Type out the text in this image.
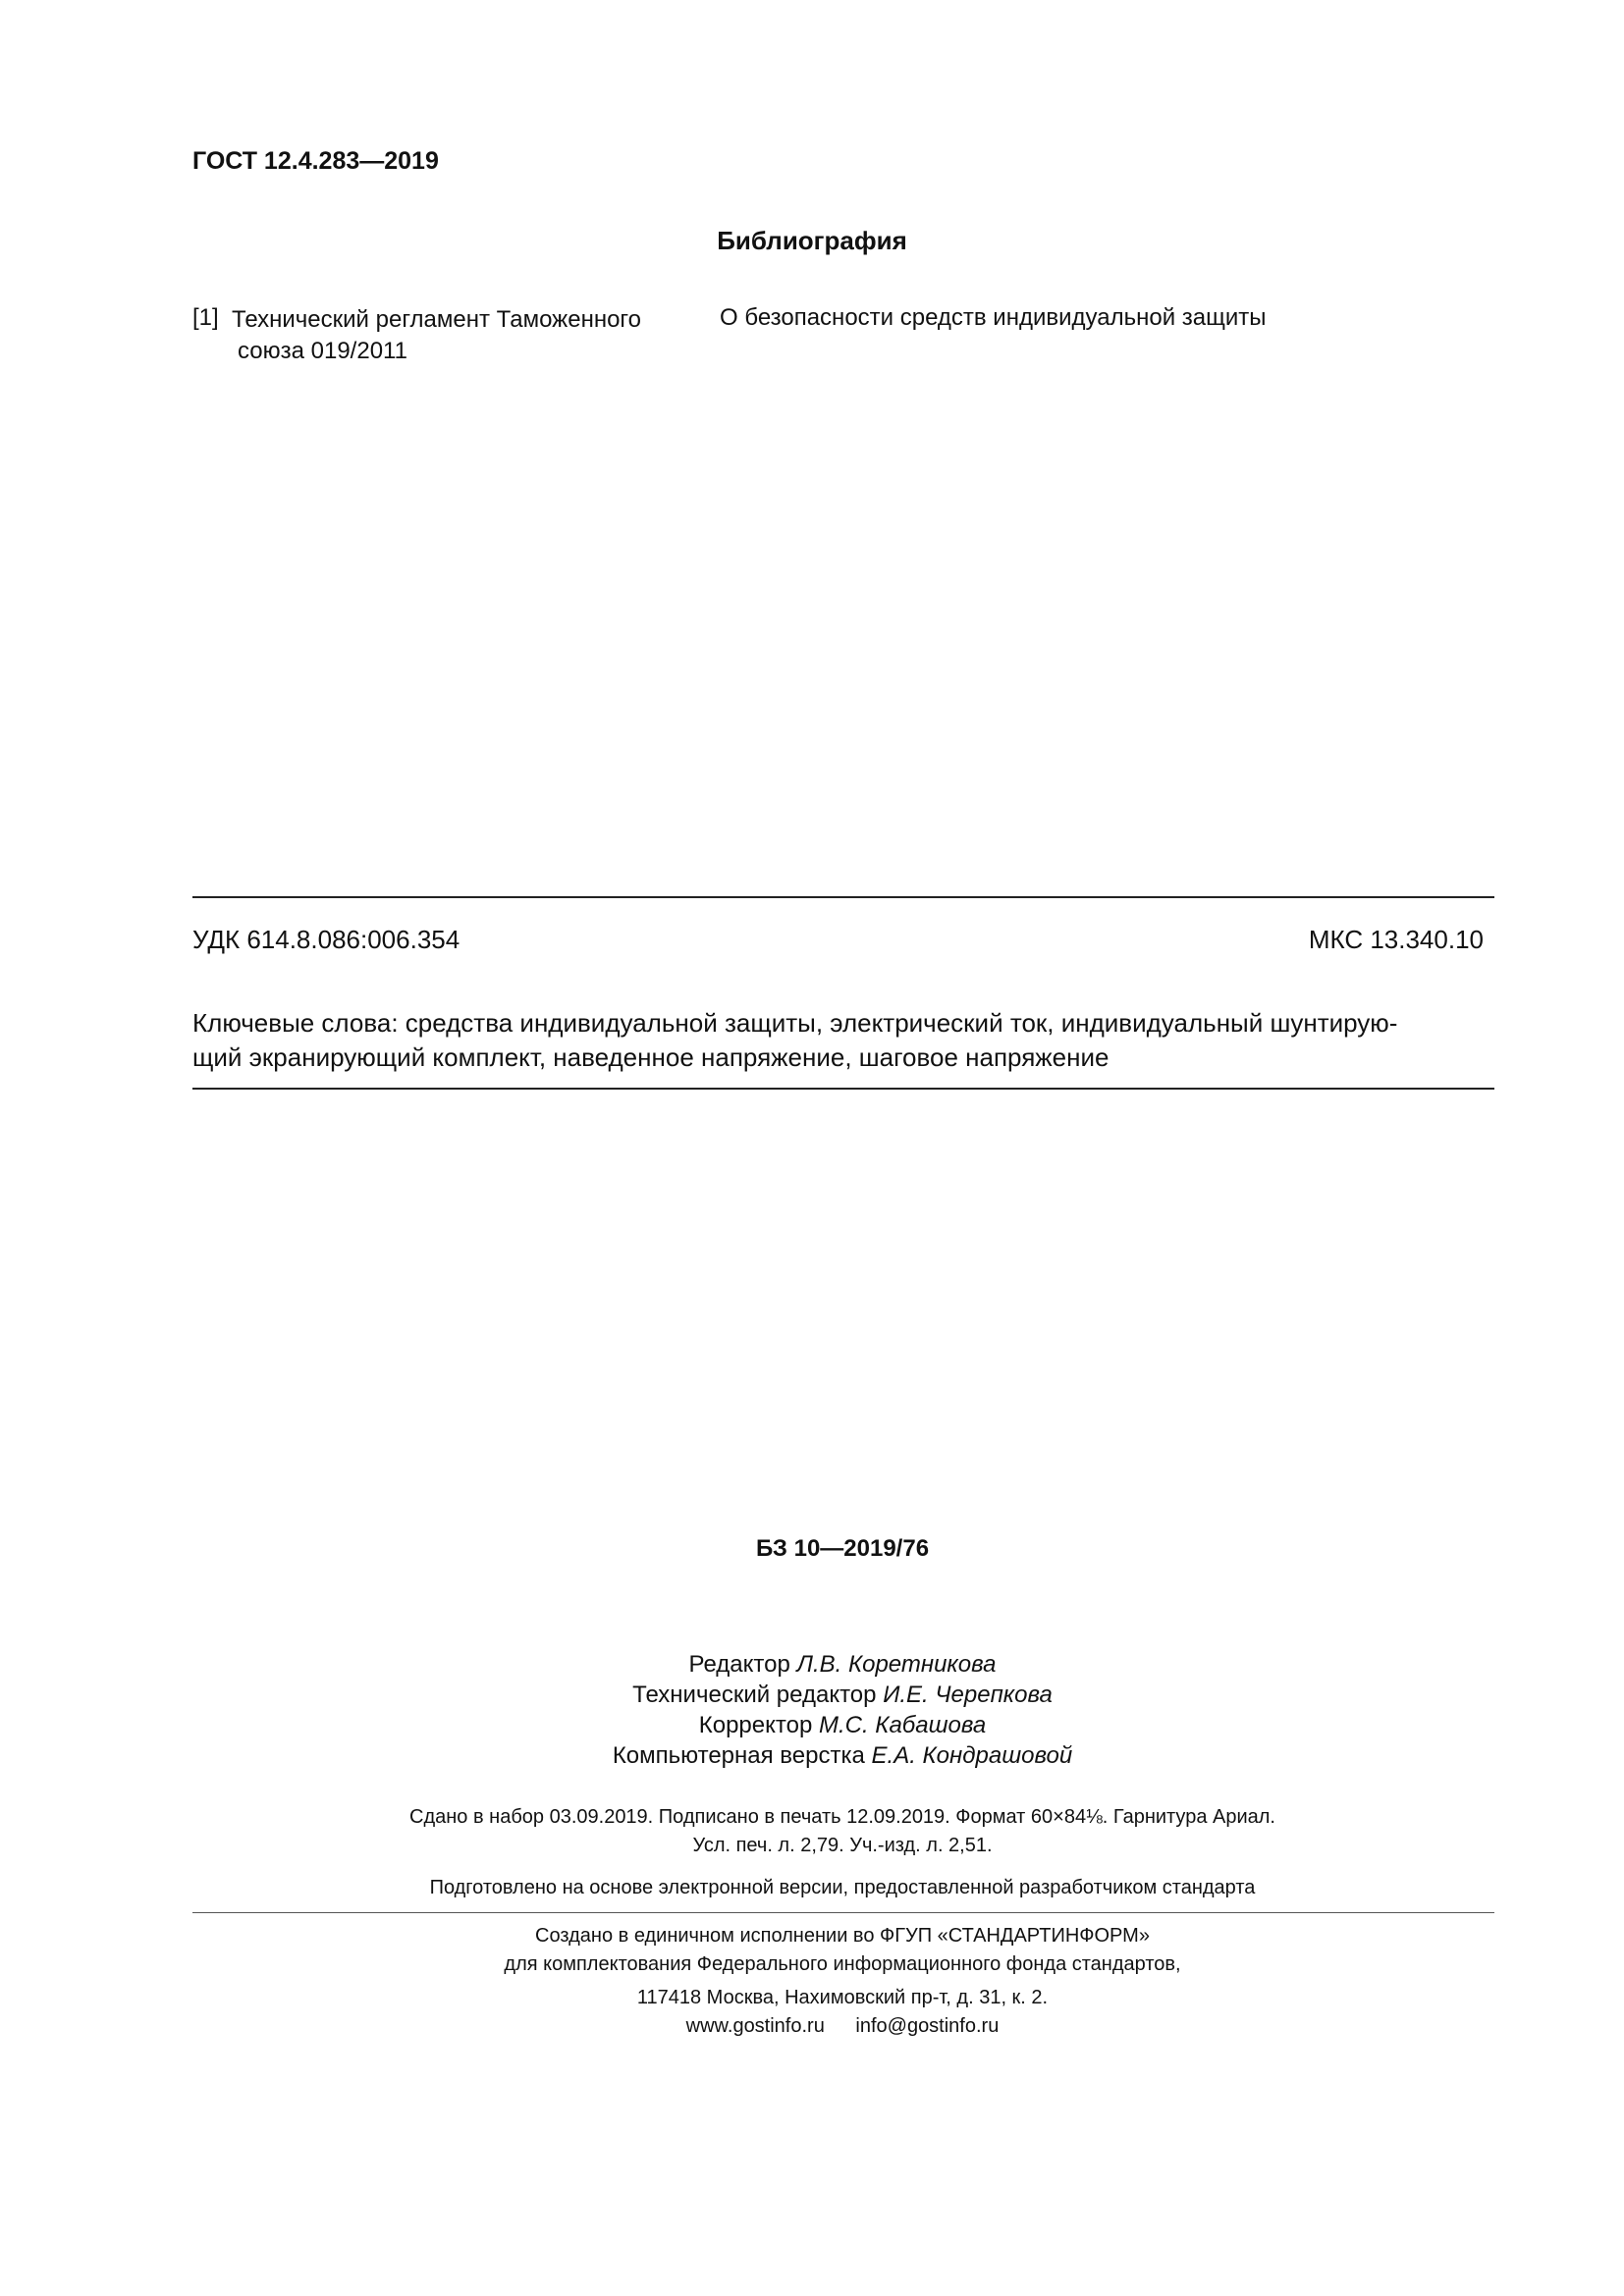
ГОСТ 12.4.283—2019
Библиография
[1] Технический регламент Таможенного
союза 019/2011
О безопасности средств индивидуальной защиты
УДК 614.8.086:006.354	МКС 13.340.10
Ключевые слова: средства индивидуальной защиты, электрический ток, индивидуальный шунтирую-
щий экранирующий комплект, наведенное напряжение, шаговое напряжение
БЗ 10—2019/76
Редактор Л.В. Коретникова
Технический редактор И.Е. Черепкова
Корректор М.С. Кабашова
Компьютерная верстка Е.А. Кондрашовой
Сдано в набор 03.09.2019. Подписано в печать 12.09.2019. Формат 60×84⅛. Гарнитура Ариал.
Усл. печ. л. 2,79. Уч.-изд. л. 2,51.
Подготовлено на основе электронной версии, предоставленной разработчиком стандарта
Создано в единичном исполнении во ФГУП «СТАНДАРТИНФОРМ»
для комплектования Федерального информационного фонда стандартов,
117418 Москва, Нахимовский пр-т, д. 31, к. 2.
www.gostinfo.ru info@gostinfo.ru
